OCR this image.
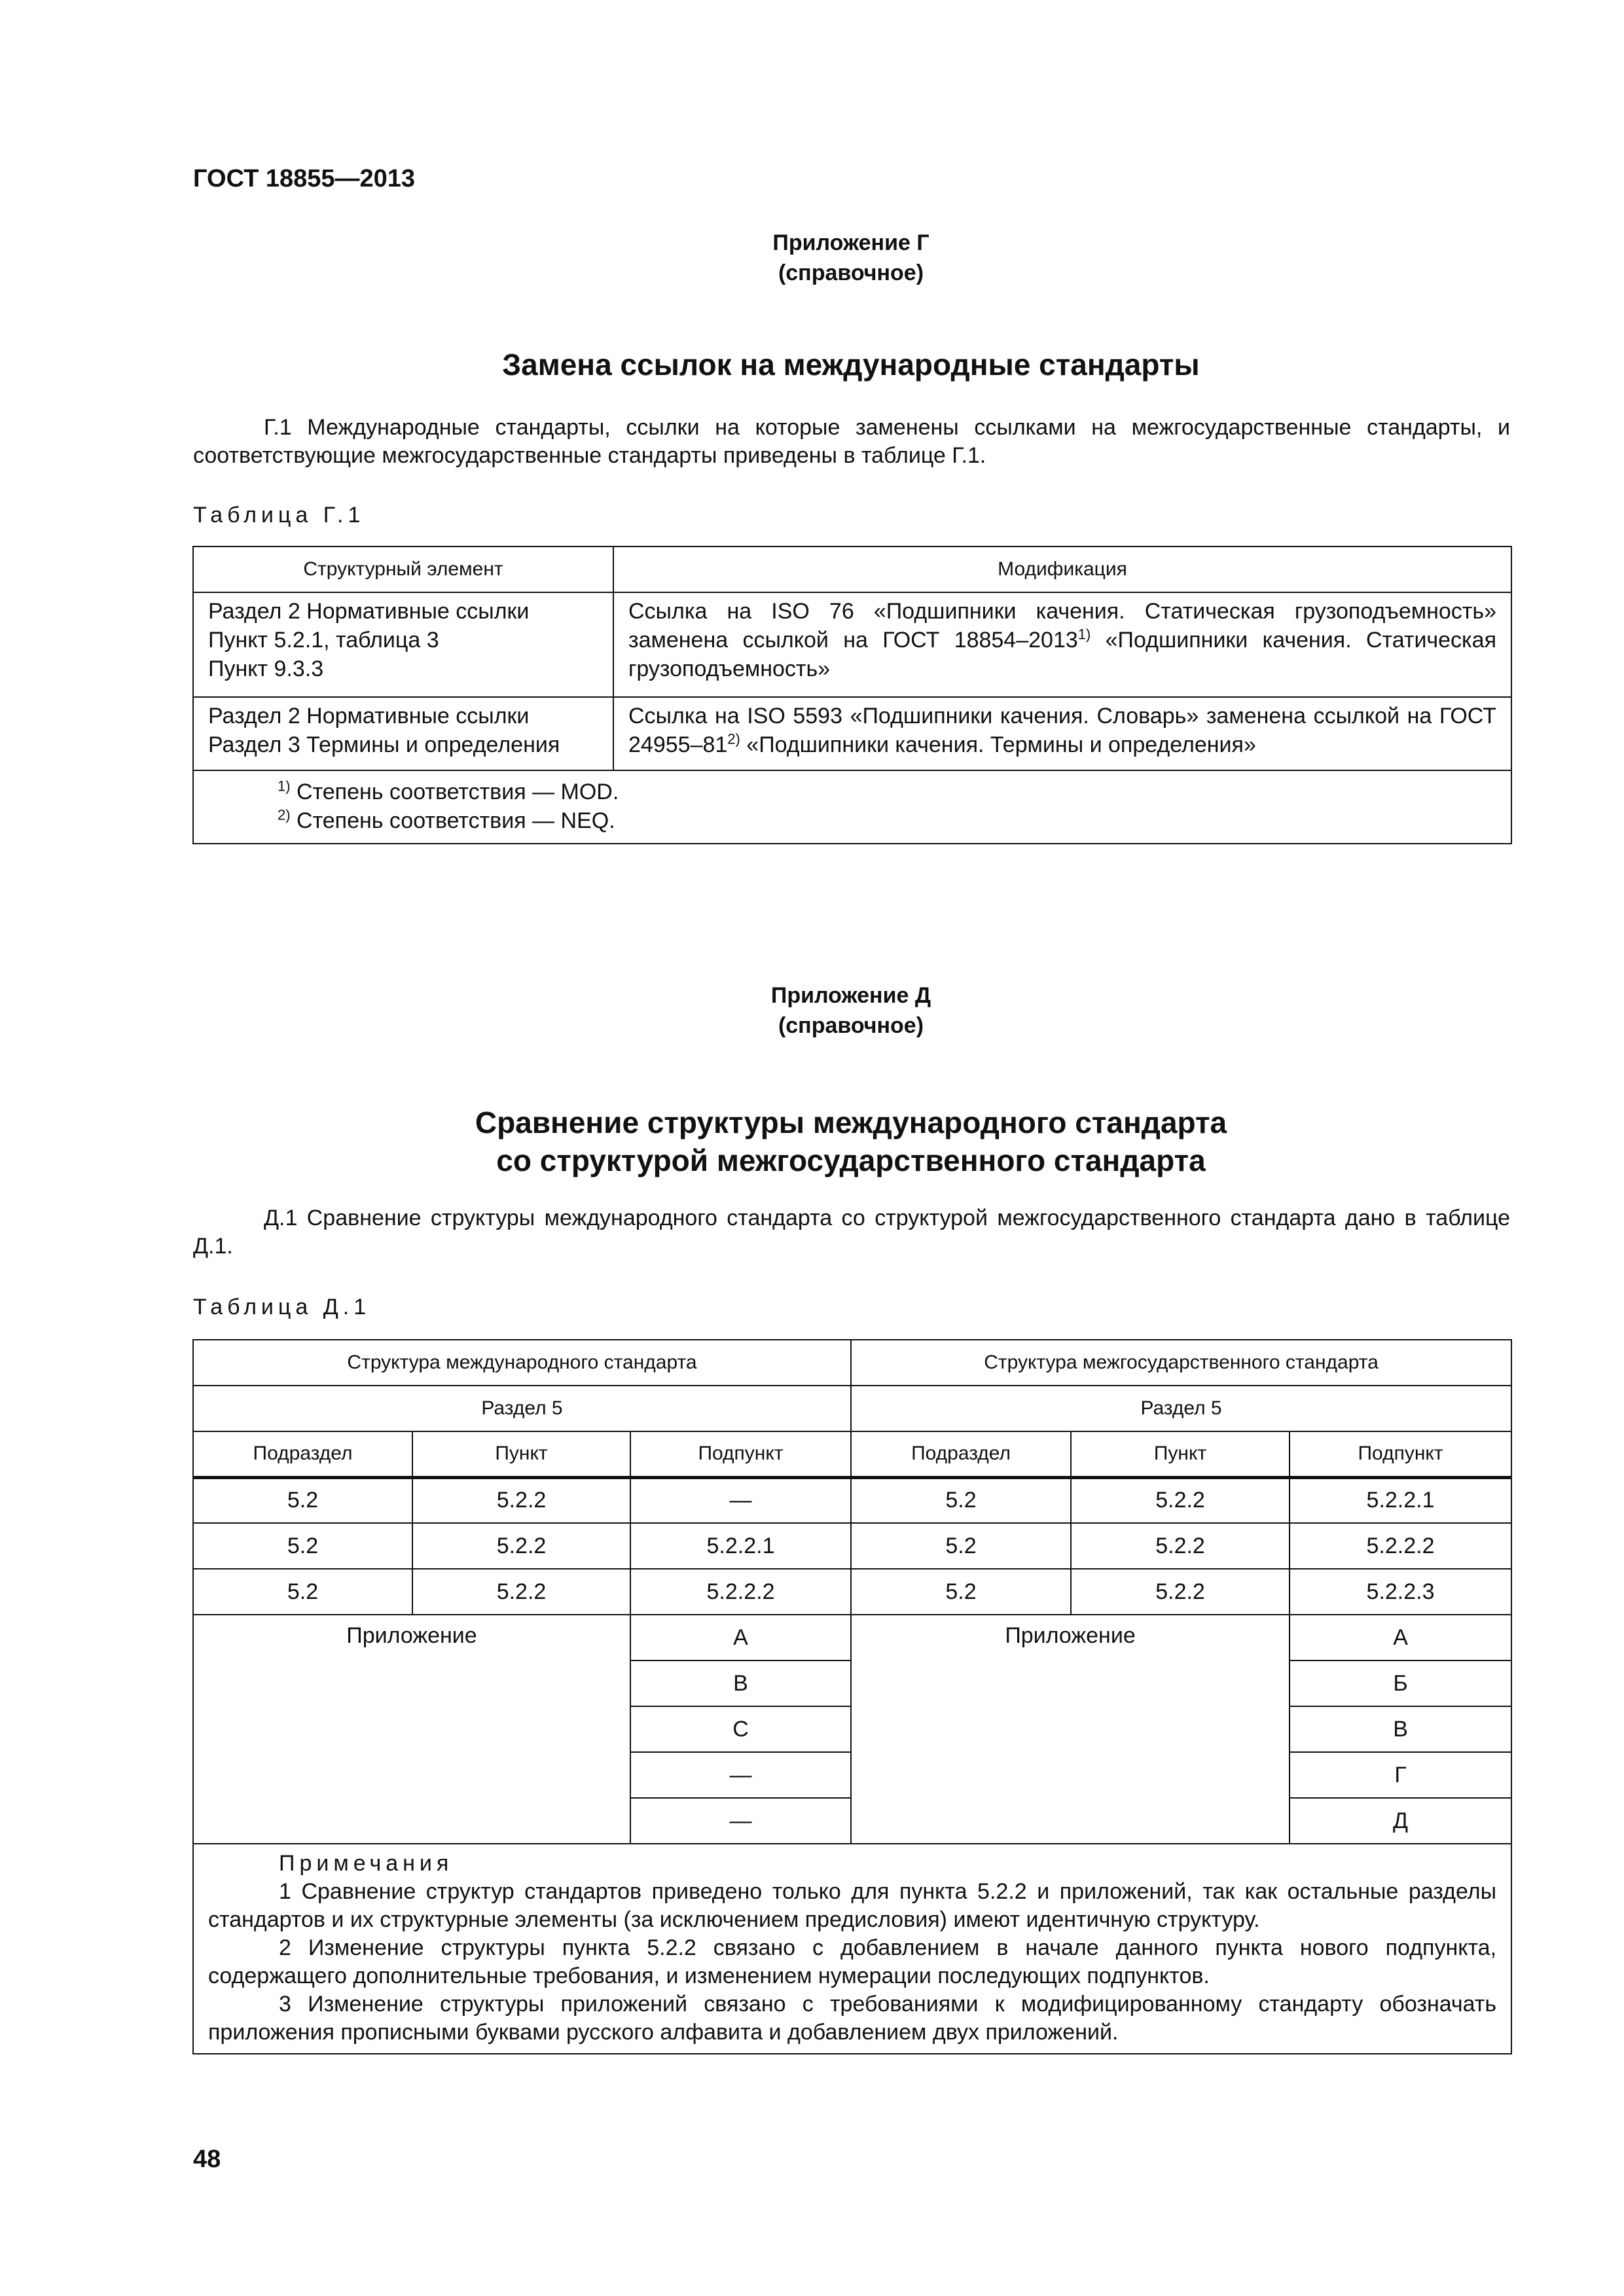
ГОСТ 18855—2013
Приложение Г
(справочное)
Замена ссылок на международные стандарты
Г.1 Международные стандарты, ссылки на которые заменены ссылками на межгосударственные стандарты, и соответствующие межгосударственные стандарты приведены в таблице Г.1.
Таблица Г.1
Структурный элемент	Модификация

Раздел 2 Нормативные ссылки
Пункт 5.2.1, таблица 3
Пункт 9.3.3	Ссылка на ISO 76 «Подшипники качения. Статическая грузоподъемность» заменена ссылкой на ГОСТ 18854–2013$^{1)}$ «Подшипники качения. Статическая грузоподъемность»

Раздел 2 Нормативные ссылки
Раздел 3 Термины и определения	Ссылка на ISO 5593 «Подшипники качения. Словарь» заменена ссылкой на ГОСТ 24955–81$^{2)}$ «Подшипники качения. Термины и определения»

$^{1)}$ Степень соответствия — MOD.
$^{2)}$ Степень соответствия — NEQ.	
Приложение Д
(справочное)
Сравнение структуры международного стандарта
со структурой межгосударственного стандарта
Д.1 Сравнение структуры международного стандарта со структурой межгосударственного стандарта дано в таблице Д.1.
Таблица Д.1
Структура международного стандарта			Структура межгосударственного стандарта		
Раздел 5			Раздел 5		
Подраздел	Пункт	Подпункт	Подраздел	Пункт	Подпункт
5.2	5.2.2	—	5.2	5.2.2	5.2.2.1
5.2	5.2.2	5.2.2.1	5.2	5.2.2	5.2.2.2
5.2	5.2.2	5.2.2.2	5.2	5.2.2	5.2.2.3
Приложение		A	Приложение		А
		B			Б
		C			В
		—			Г
		—			Д

Примечания
1 Сравнение структур стандартов приведено только для пункта 5.2.2 и приложений, так как остальные разделы стандартов и их структурные элементы (за исключением предисловия) имеют идентичную структуру.
2 Изменение структуры пункта 5.2.2 связано с добавлением в начале данного пункта нового подпункта, содержащего дополнительные требования, и изменением нумерации последующих подпунктов.
3 Изменение структуры приложений связано с требованиями к модифицированному стандарту обозначать приложения прописными буквами русского алфавита и добавлением двух приложений.					
48
